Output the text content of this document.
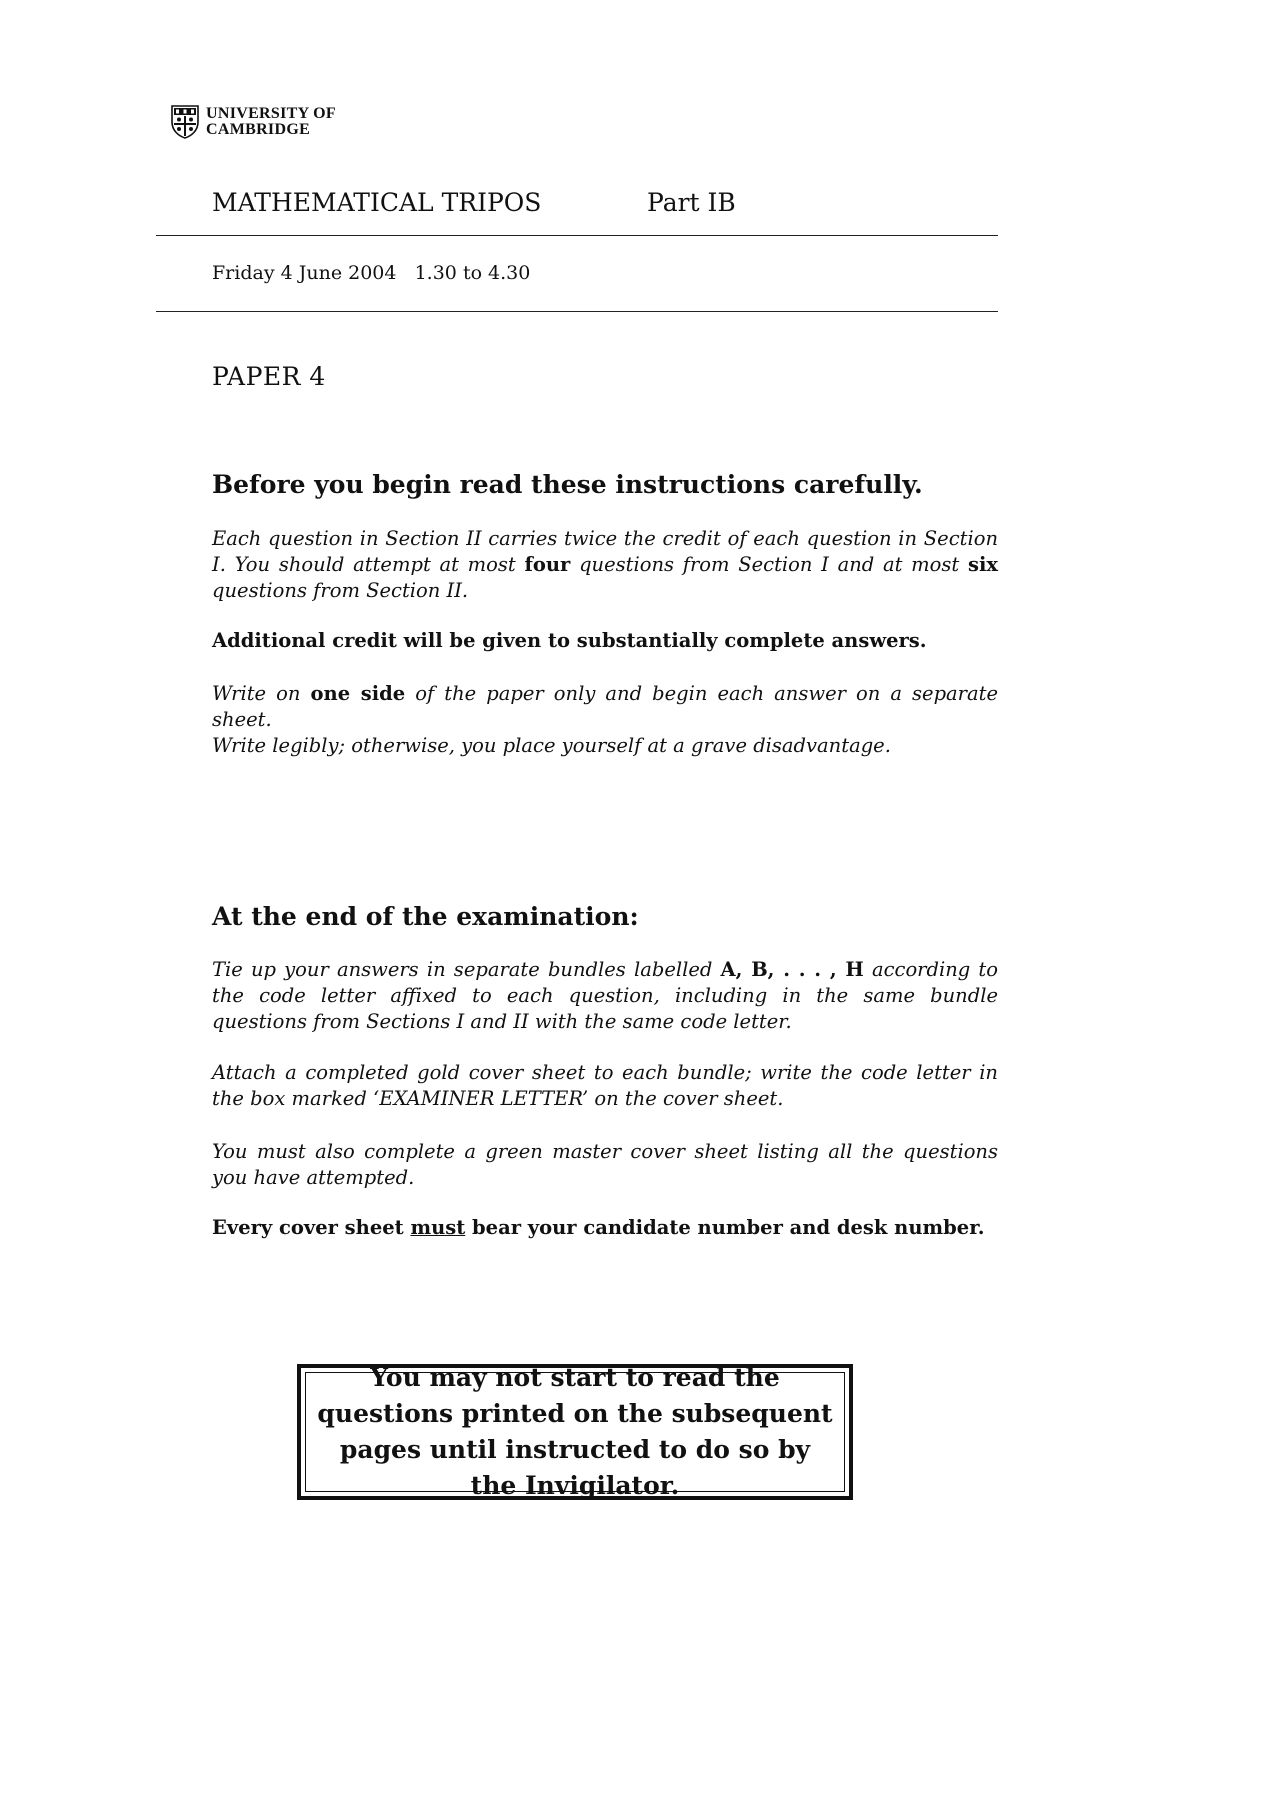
UNIVERSITY OF
CAMBRIDGE
MATHEMATICAL TRIPOS	Part IB
Friday 4 June 2004 1.30 to 4.30
PAPER 4
Before you begin read these instructions carefully.
Each question in Section II carries twice the credit of each question in Section I. You should attempt at most four questions from Section I and at most six questions from Section II.
Additional credit will be given to substantially complete answers.
Write on one side of the paper only and begin each answer on a separate sheet.
Write legibly; otherwise, you place yourself at a grave disadvantage.
At the end of the examination:
Tie up your answers in separate bundles labelled A, B, . . . , H according to the code letter affixed to each question, including in the same bundle questions from Sections I and II with the same code letter.
Attach a completed gold cover sheet to each bundle; write the code letter in the box marked ‘EXAMINER LETTER’ on the cover sheet.
You must also complete a green master cover sheet listing all the questions you have attempted.
Every cover sheet must bear your candidate number and desk number.
You may not start to read the questions printed on the subsequent pages until instructed to do so by the Invigilator.
